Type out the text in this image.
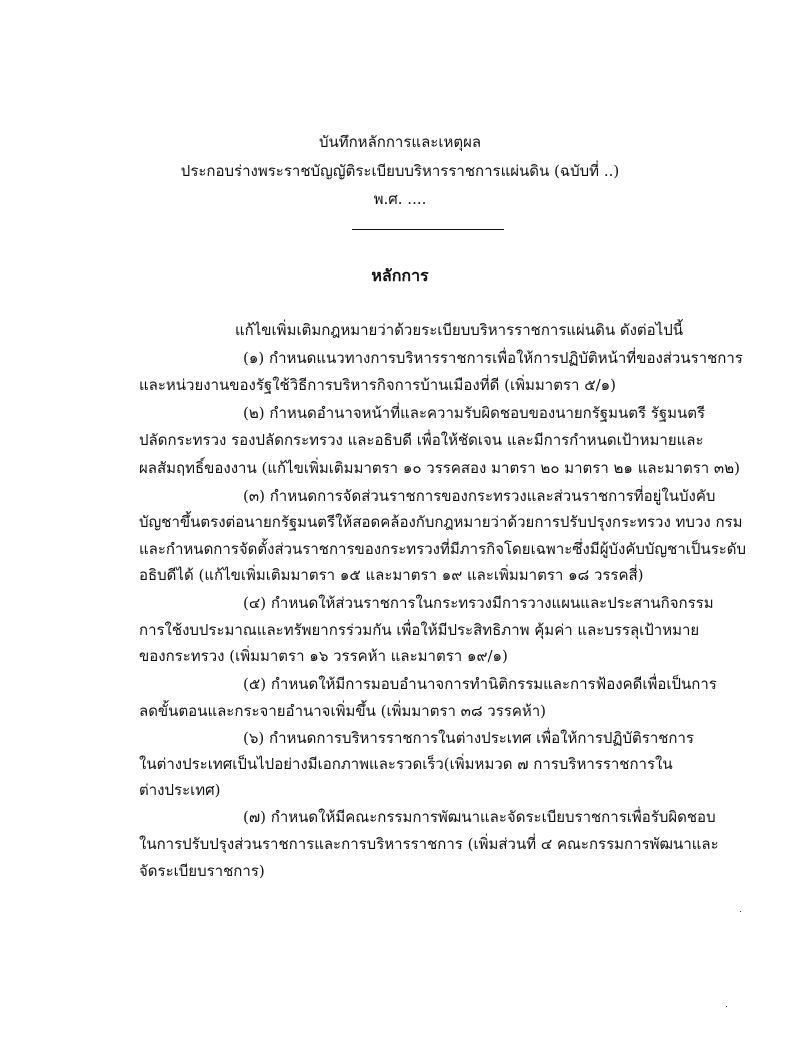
บันทึกหลักการและเหตุผล
ประกอบร่างพระราชบัญญัติระเบียบบริหารราชการแผ่นดิน (ฉบับที่ ..)
พ.ศ. ....
หลักการ
แก้ไขเพิ่มเติมกฎหมายว่าด้วยระเบียบบริหารราชการแผ่นดิน ดังต่อไปนี้
(๑) กำหนดแนวทางการบริหารราชการเพื่อให้การปฏิบัติหน้าที่ของส่วนราชการ
และหน่วยงานของรัฐใช้วิธีการบริหารกิจการบ้านเมืองที่ดี (เพิ่มมาตรา ๕/๑)
(๒) กำหนดอำนาจหน้าที่และความรับผิดชอบของนายกรัฐมนตรี รัฐมนตรี
ปลัดกระทรวง รองปลัดกระทรวง และอธิบดี เพื่อให้ชัดเจน และมีการกำหนดเป้าหมายและ
ผลสัมฤทธิ์ของงาน (แก้ไขเพิ่มเติมมาตรา ๑๐ วรรคสอง มาตรา ๒๐ มาตรา ๒๑ และมาตรา ๓๒)
(๓) กำหนดการจัดส่วนราชการของกระทรวงและส่วนราชการที่อยู่ในบังคับ
บัญชาขึ้นตรงต่อนายกรัฐมนตรีให้สอดคล้องกับกฎหมายว่าด้วยการปรับปรุงกระทรวง ทบวง กรม
และกำหนดการจัดตั้งส่วนราชการของกระทรวงที่มีภารกิจโดยเฉพาะซึ่งมีผู้บังคับบัญชาเป็นระดับ
อธิบดีได้ (แก้ไขเพิ่มเติมมาตรา ๑๕ และมาตรา ๑๙ และเพิ่มมาตรา ๑๘ วรรคสี่)
(๔) กำหนดให้ส่วนราชการในกระทรวงมีการวางแผนและประสานกิจกรรม
การใช้งบประมาณและทรัพยากรร่วมกัน เพื่อให้มีประสิทธิภาพ คุ้มค่า และบรรลุเป้าหมาย
ของกระทรวง (เพิ่มมาตรา ๑๖ วรรคห้า และมาตรา ๑๙/๑)
(๕) กำหนดให้มีการมอบอำนาจการทำนิติกรรมและการฟ้องคดีเพื่อเป็นการ
ลดขั้นตอนและกระจายอำนาจเพิ่มขึ้น (เพิ่มมาตรา ๓๘ วรรคห้า)
(๖) กำหนดการบริหารราชการในต่างประเทศ เพื่อให้การปฏิบัติราชการ
ในต่างประเทศเป็นไปอย่างมีเอกภาพและรวดเร็ว(เพิ่มหมวด ๗ การบริหารราชการใน
ต่างประเทศ)
(๗) กำหนดให้มีคณะกรรมการพัฒนาและจัดระเบียบราชการเพื่อรับผิดชอบ
ในการปรับปรุงส่วนราชการและการบริหารราชการ (เพิ่มส่วนที่ ๔ คณะกรรมการพัฒนาและ
จัดระเบียบราชการ)
